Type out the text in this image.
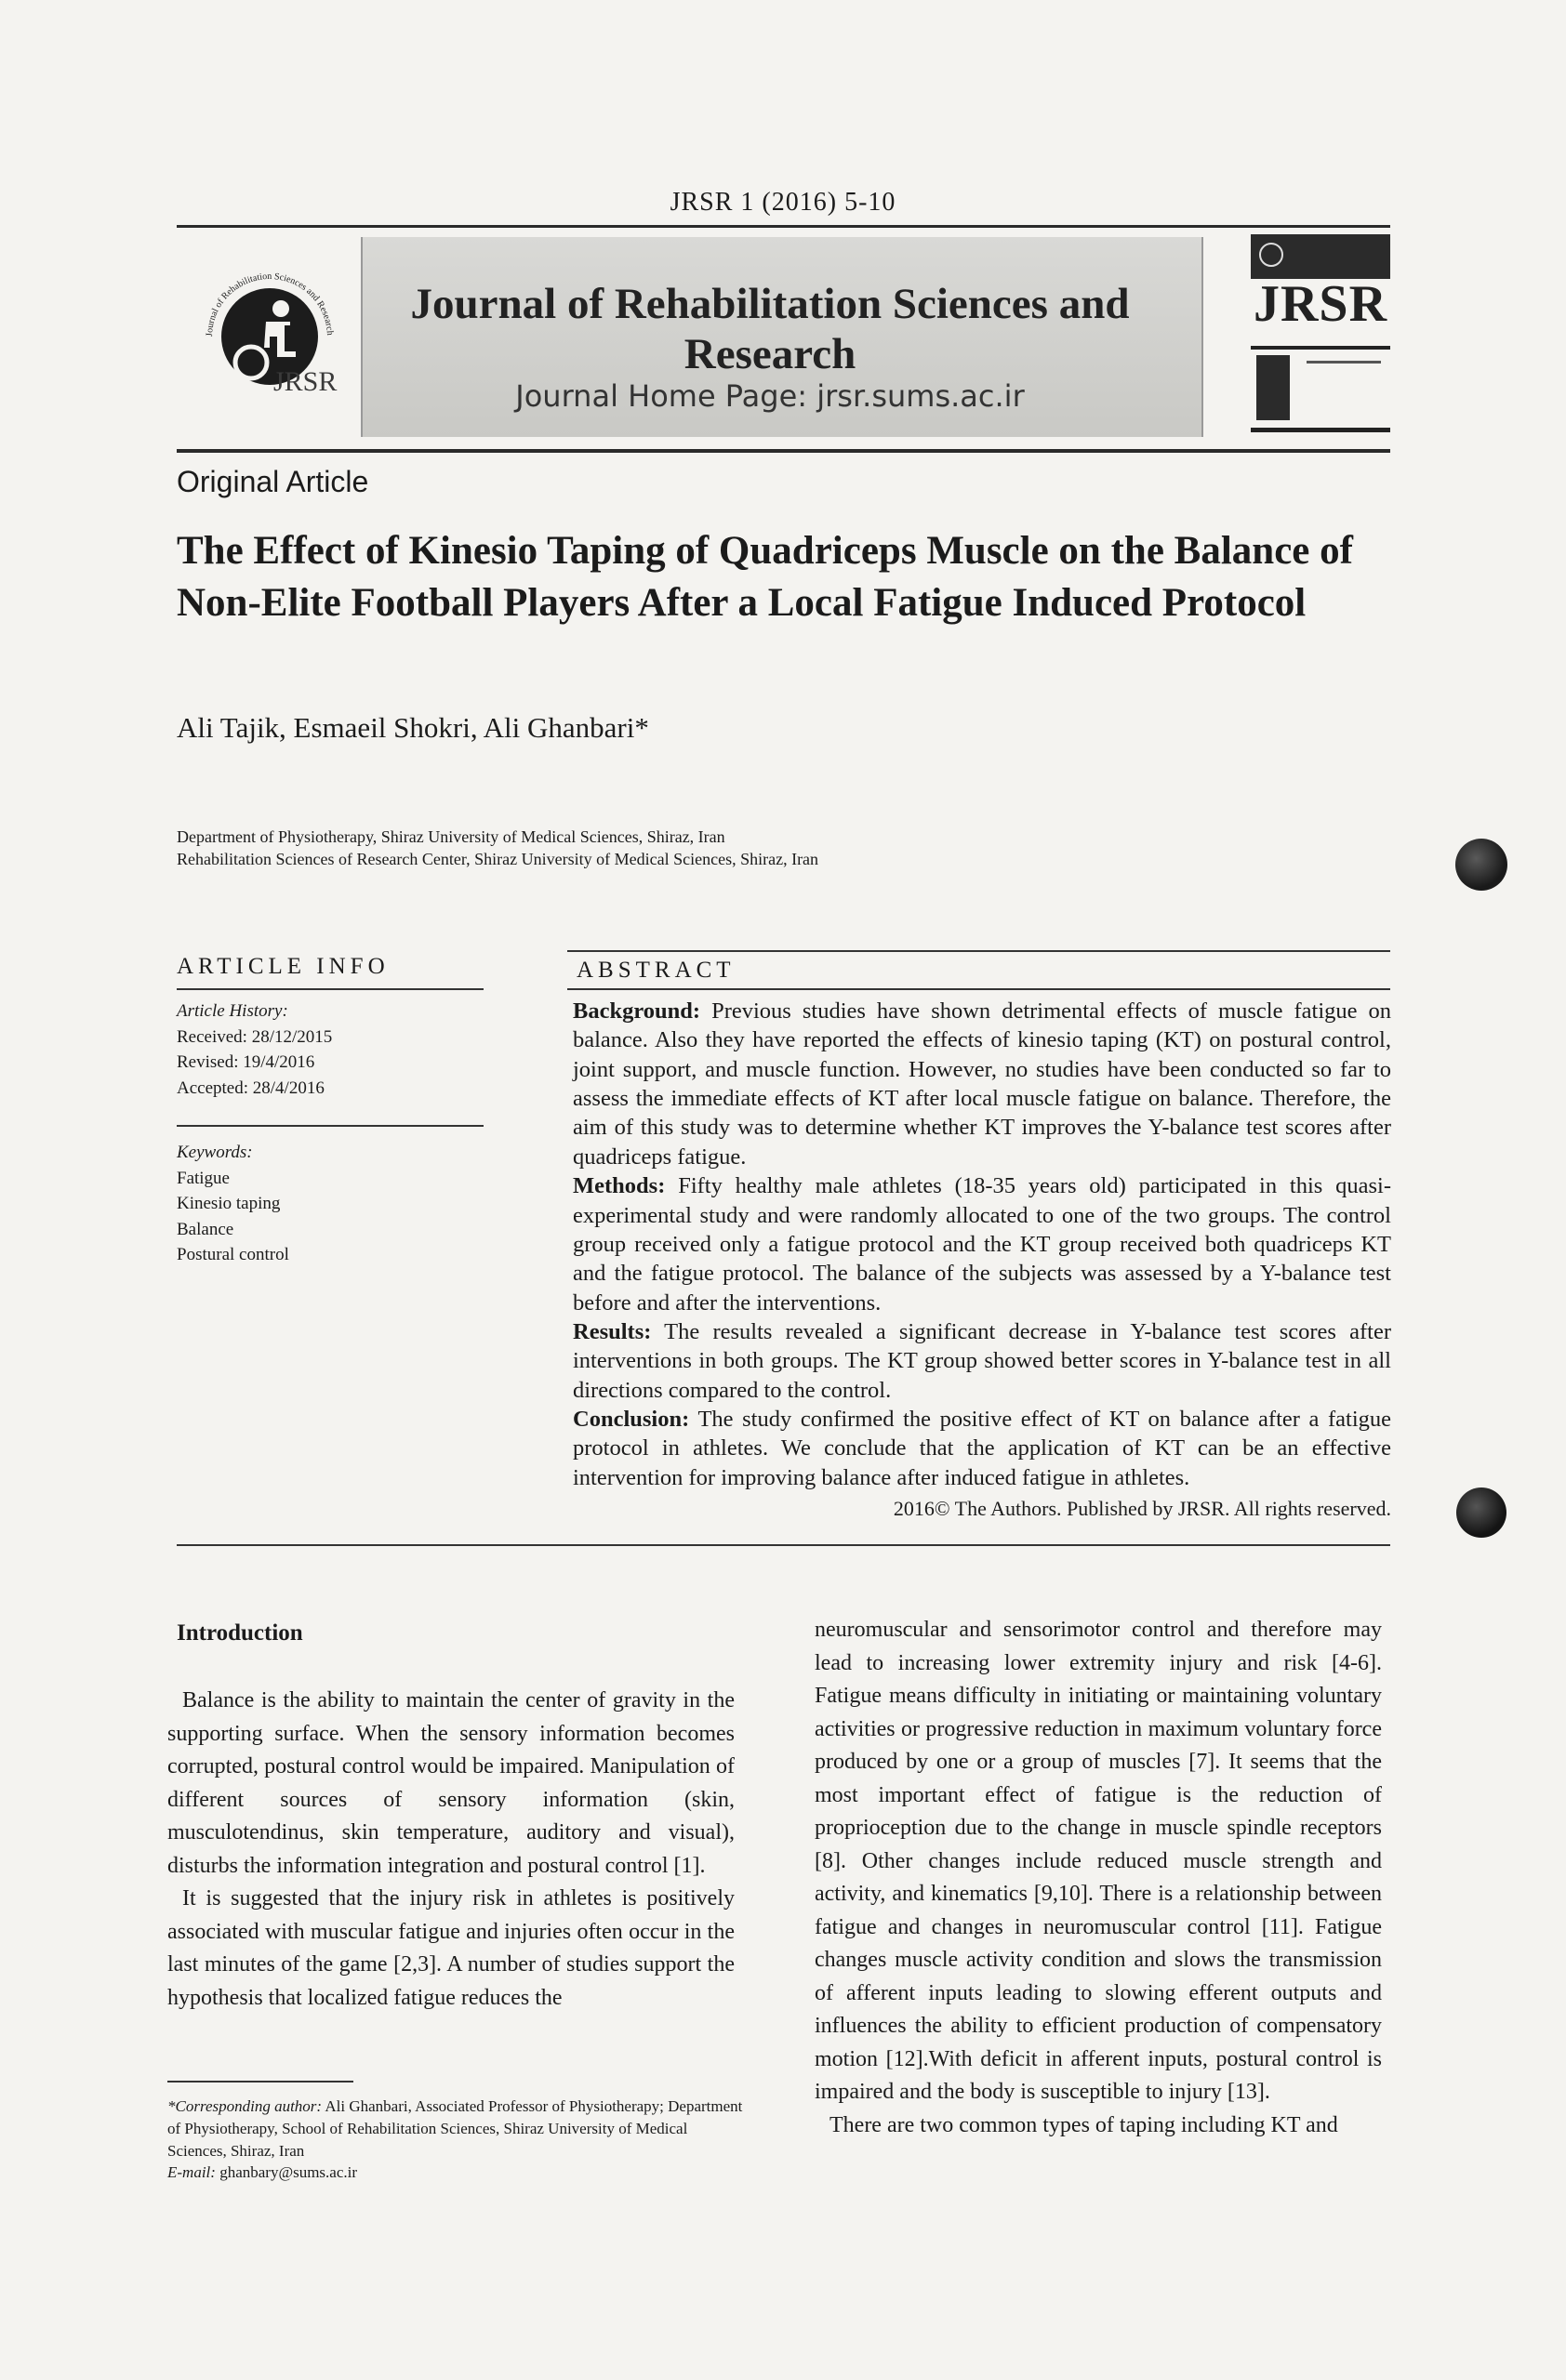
JRSR 1 (2016) 5-10
Journal of Rehabilitation Sciences and Research
JRSR
Journal of Rehabilitation Sciences and Research
Journal Home Page: jrsr.sums.ac.ir
JRSR
Original Article
The Effect of Kinesio Taping of Quadriceps Muscle on the Balance of Non-Elite Football Players After a Local Fatigue Induced Protocol
Ali Tajik, Esmaeil Shokri, Ali Ghanbari*
Department of Physiotherapy, Shiraz University of Medical Sciences, Shiraz, Iran
Rehabilitation Sciences of Research Center, Shiraz University of Medical Sciences, Shiraz, Iran
ARTICLE INFO
Article History:
Received: 28/12/2015
Revised: 19/4/2016
Accepted: 28/4/2016
Keywords:
Fatigue
Kinesio taping
Balance
Postural control
ABSTRACT

Background: Previous studies have shown detrimental effects of muscle fatigue on balance. Also they have reported the effects of kinesio taping (KT) on postural control, joint support, and muscle function. However, no studies have been conducted so far to assess the immediate effects of KT after local muscle fatigue on balance. Therefore, the aim of this study was to determine whether KT improves the Y-balance test scores after quadriceps fatigue.

Methods: Fifty healthy male athletes (18-35 years old) participated in this quasi-experimental study and were randomly allocated to one of the two groups. The control group received only a fatigue protocol and the KT group received both quadriceps KT and the fatigue protocol. The balance of the subjects was assessed by a Y-balance test before and after the interventions.

Results: The results revealed a significant decrease in Y-balance test scores after interventions in both groups. The KT group showed better scores in Y-balance test in all directions compared to the control.

Conclusion: The study confirmed the positive effect of KT on balance after a fatigue protocol in athletes. We conclude that the application of KT can be an effective intervention for improving balance after induced fatigue in athletes.

2016© The Authors. Published by JRSR. All rights reserved.

Introduction

Balance is the ability to maintain the center of gravity in the supporting surface. When the sensory information becomes corrupted, postural control would be impaired. Manipulation of different sources of sensory information (skin, musculotendinus, skin temperature, auditory and visual), disturbs the information integration and postural control [1].

It is suggested that the injury risk in athletes is positively associated with muscular fatigue and injuries often occur in the last minutes of the game [2,3]. A number of studies support the hypothesis that localized fatigue reduces the

neuromuscular and sensorimotor control and therefore may lead to increasing lower extremity injury and risk [4-6]. Fatigue means difficulty in initiating or maintaining voluntary activities or progressive reduction in maximum voluntary force produced by one or a group of muscles [7]. It seems that the most important effect of fatigue is the reduction of proprioception due to the change in muscle spindle receptors [8]. Other changes include reduced muscle strength and activity, and kinematics [9,10]. There is a relationship between fatigue and changes in neuromuscular control [11]. Fatigue changes muscle activity condition and slows the transmission of afferent inputs leading to slowing efferent outputs and influences the ability to efficient production of compensatory motion [12].With deficit in afferent inputs, postural control is impaired and the body is susceptible to injury [13].

There are two common types of taping including KT and

*Corresponding author: Ali Ghanbari, Associated Professor of Physiotherapy; Department of Physiotherapy, School of Rehabilitation Sciences, Shiraz University of Medical Sciences, Shiraz, Iran
E-mail: ghanbary@sums.ac.ir
